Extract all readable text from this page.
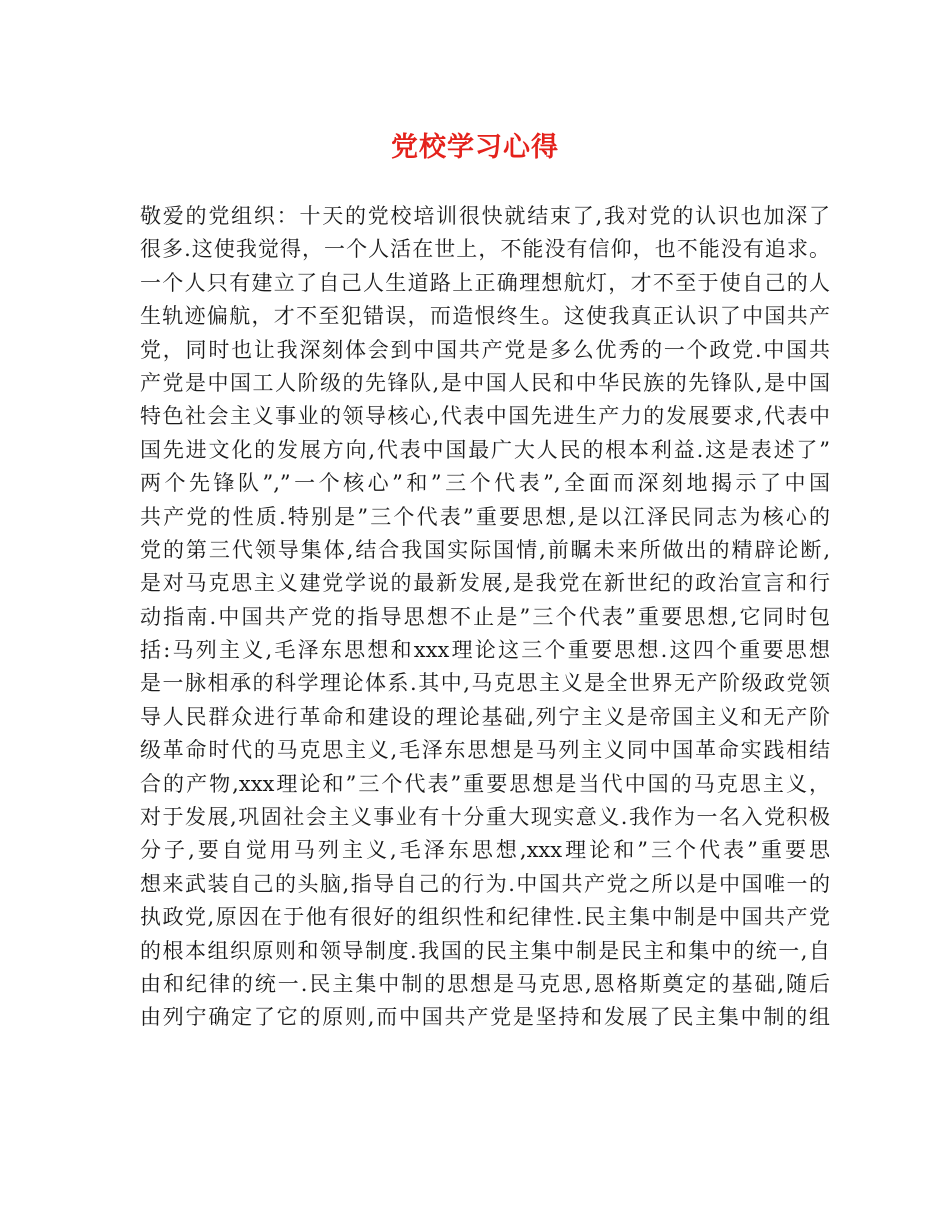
党校学习心得
敬爱的党组织：十天的党校培训很快就结束了,我对党的认识也加深了
很多.这使我觉得，一个人活在世上，不能没有信仰，也不能没有追求。
一个人只有建立了自己人生道路上正确理想航灯，才不至于使自己的人
生轨迹偏航，才不至犯错误，而造恨终生。这使我真正认识了中国共产
党，同时也让我深刻体会到中国共产党是多么优秀的一个政党.中国共
产党是中国工人阶级的先锋队,是中国人民和中华民族的先锋队,是中国
特色社会主义事业的领导核心,代表中国先进生产力的发展要求,代表中
国先进文化的发展方向,代表中国最广大人民的根本利益.这是表述了”
两个先锋队”,”一个核心”和”三个代表”,全面而深刻地揭示了中国
共产党的性质.特别是”三个代表”重要思想,是以江泽民同志为核心的
党的第三代领导集体,结合我国实际国情,前瞩未来所做出的精辟论断,
是对马克思主义建党学说的最新发展,是我党在新世纪的政治宣言和行
动指南.中国共产党的指导思想不止是”三个代表”重要思想,它同时包
括:马列主义,毛泽东思想和xxx理论这三个重要思想.这四个重要思想
是一脉相承的科学理论体系.其中,马克思主义是全世界无产阶级政党领
导人民群众进行革命和建设的理论基础,列宁主义是帝国主义和无产阶
级革命时代的马克思主义,毛泽东思想是马列主义同中国革命实践相结
合的产物,xxx理论和”三个代表”重要思想是当代中国的马克思主义，
对于发展,巩固社会主义事业有十分重大现实意义.我作为一名入党积极
分子,要自觉用马列主义,毛泽东思想,xxx理论和”三个代表”重要思
想来武装自己的头脑,指导自己的行为.中国共产党之所以是中国唯一的
执政党,原因在于他有很好的组织性和纪律性.民主集中制是中国共产党
的根本组织原则和领导制度.我国的民主集中制是民主和集中的统一,自
由和纪律的统一.民主集中制的思想是马克思,恩格斯奠定的基础,随后
由列宁确定了它的原则,而中国共产党是坚持和发展了民主集中制的组
